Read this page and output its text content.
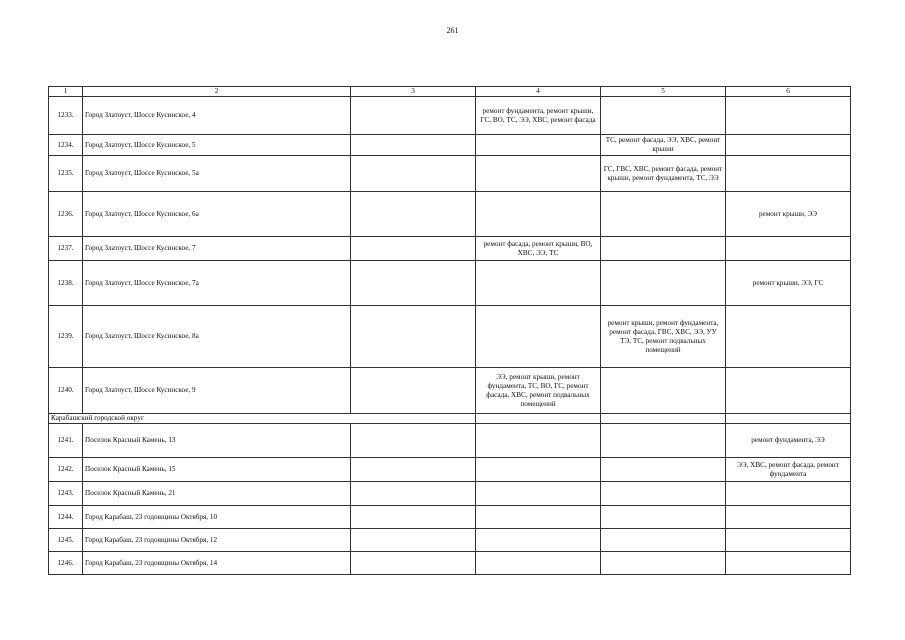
261
1	2	3	4	5	6
1233.	Город Златоуст, Шоссе Кусинское, 4		ремонт фундамента, ремонт крыши, ГС, ВО, ТС, ЭЭ, ХВС, ремонт фасада		
1234.	Город Златоуст, Шоссе Кусинское, 5			ТС, ремонт фасада, ЭЭ, ХВС, ремонт крыши	
1235.	Город Златоуст, Шоссе Кусинское, 5а			ГС, ГВС, ХВС, ремонт фасада, ремонт крыши, ремонт фундамента, ТС, ЭЭ	
1236.	Город Златоуст, Шоссе Кусинское, 6а				ремонт крыши, ЭЭ
1237.	Город Златоуст, Шоссе Кусинское, 7		ремонт фасада, ремонт крыши, ВО, ХВС, ЭЭ, ТС		
1238.	Город Златоуст, Шоссе Кусинское, 7а				ремонт крыши, ЭЭ, ГС
1239.	Город Златоуст, Шоссе Кусинское, 8а			ремонт крыши, ремонт фундамента, ремонт фасада, ГВС, ХВС, ЭЭ, УУ ТЭ, ТС, ремонт подвальных помещений	
1240.	Город Златоуст, Шоссе Кусинское, 9		ЭЭ, ремонт крыши, ремонт фундамента, ТС, ВО, ГС, ремонт фасада, ХВС, ремонт подвальных помещений		
Карабашский городской округ					
1241.	Поселок Красный Камень, 13				ремонт фундамента, ЭЭ
1242.	Поселок Красный Камень, 15				ЭЭ, ХВС, ремонт фасада, ремонт фундамента
1243.	Поселок Красный Камень, 21				
1244.	Город Карабаш, 23 годовщины Октября, 10				
1245.	Город Карабаш, 23 годовщины Октября, 12				
1246.	Город Карабаш, 23 годовщины Октября, 14				
